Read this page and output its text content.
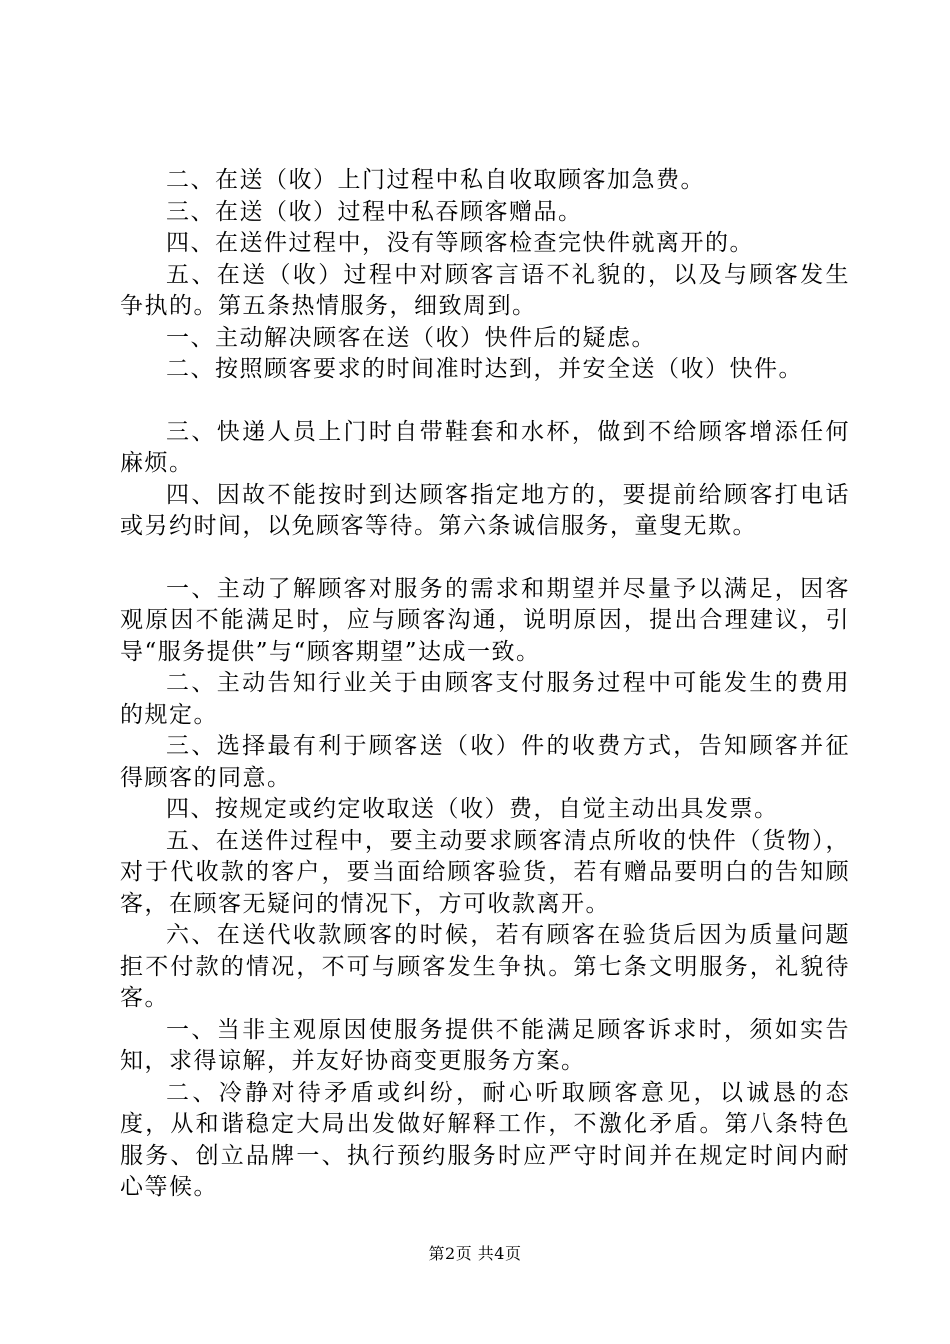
二、在送（收）上门过程中私自收取顾客加急费。

三、在送（收）过程中私吞顾客赠品。

四、在送件过程中，没有等顾客检查完快件就离开的。

五、在送（收）过程中对顾客言语不礼貌的，以及与顾客发生争执的。第五条热情服务，细致周到。

一、主动解决顾客在送（收）快件后的疑虑。

二、按照顾客要求的时间准时达到，并安全送（收）快件。

三、快递人员上门时自带鞋套和水杯，做到不给顾客增添任何麻烦。

四、因故不能按时到达顾客指定地方的，要提前给顾客打电话或另约时间，以免顾客等待。第六条诚信服务，童叟无欺。

一、主动了解顾客对服务的需求和期望并尽量予以满足，因客观原因不能满足时，应与顾客沟通，说明原因，提出合理建议，引导“服务提供”与“顾客期望”达成一致。

二、主动告知行业关于由顾客支付服务过程中可能发生的费用的规定。

三、选择最有利于顾客送（收）件的收费方式，告知顾客并征得顾客的同意。

四、按规定或约定收取送（收）费，自觉主动出具发票。

五、在送件过程中，要主动要求顾客清点所收的快件（货物），对于代收款的客户，要当面给顾客验货，若有赠品要明白的告知顾客，在顾客无疑问的情况下，方可收款离开。

六、在送代收款顾客的时候，若有顾客在验货后因为质量问题拒不付款的情况，不可与顾客发生争执。第七条文明服务，礼貌待客。

一、当非主观原因使服务提供不能满足顾客诉求时，须如实告知，求得谅解，并友好协商变更服务方案。

二、冷静对待矛盾或纠纷，耐心听取顾客意见，以诚恳的态度，从和谐稳定大局出发做好解释工作，不激化矛盾。第八条特色服务、创立品牌一、执行预约服务时应严守时间并在规定时间内耐心等候。

第2页 共4页
